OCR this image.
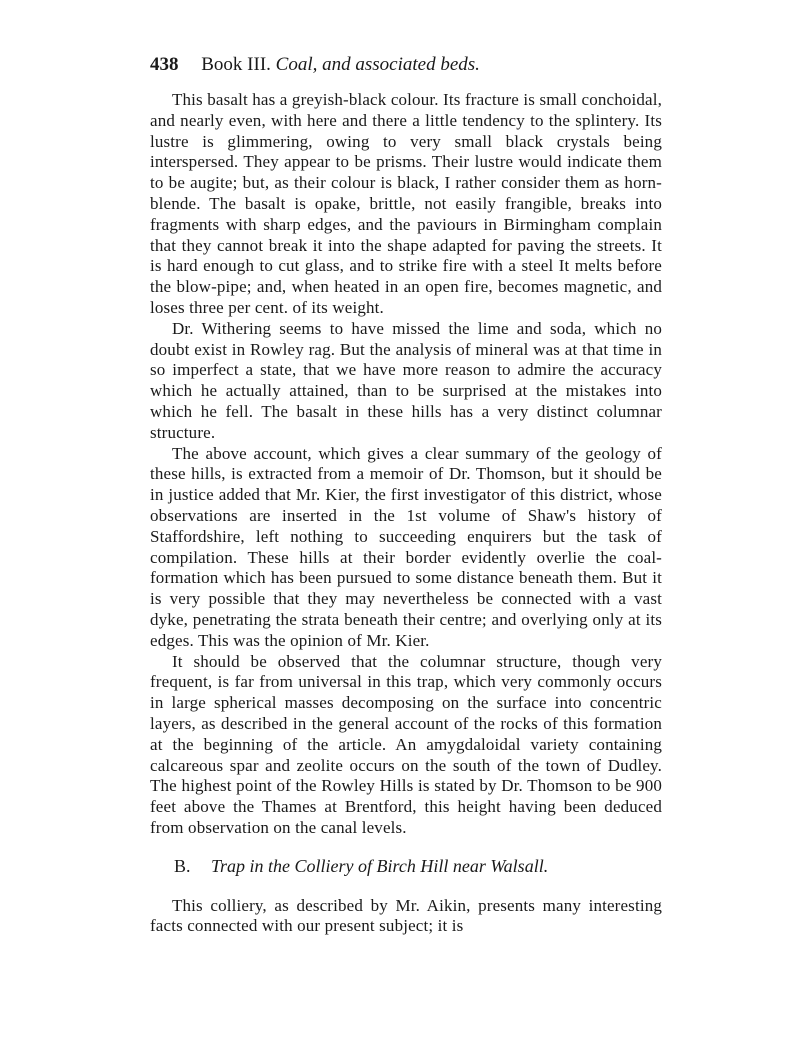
438 Book III. Coal, and associated beds.

This basalt has a greyish-black colour. Its fracture is small conchoidal, and nearly even, with here and there a little tendency to the splintery. Its lustre is glimmering, owing to very small black crystals being interspersed. They appear to be prisms. Their lustre would indicate them to be augite; but, as their colour is black, I rather consider them as horn-blende. The basalt is opake, brittle, not easily frangible, breaks into fragments with sharp edges, and the paviours in Birmingham complain that they cannot break it into the shape adapted for paving the streets. It is hard enough to cut glass, and to strike fire with a steel It melts before the blow-pipe; and, when heated in an open fire, becomes magnetic, and loses three per cent. of its weight.

Dr. Withering seems to have missed the lime and soda, which no doubt exist in Rowley rag. But the analysis of mineral was at that time in so imperfect a state, that we have more reason to admire the accuracy which he actually attained, than to be surprised at the mistakes into which he fell. The basalt in these hills has a very distinct columnar structure.

The above account, which gives a clear summary of the geology of these hills, is extracted from a memoir of Dr. Thomson, but it should be in justice added that Mr. Kier, the first investigator of this district, whose observations are inserted in the 1st volume of Shaw's history of Staffordshire, left nothing to succeeding enquirers but the task of compilation. These hills at their border evidently overlie the coal-formation which has been pursued to some distance beneath them. But it is very possible that they may nevertheless be connected with a vast dyke, penetrating the strata beneath their centre; and overlying only at its edges. This was the opinion of Mr. Kier.

It should be observed that the columnar structure, though very frequent, is far from universal in this trap, which very commonly occurs in large spherical masses decomposing on the surface into concentric layers, as described in the general account of the rocks of this formation at the beginning of the article. An amygdaloidal variety containing calcareous spar and zeolite occurs on the south of the town of Dudley. The highest point of the Rowley Hills is stated by Dr. Thomson to be 900 feet above the Thames at Brentford, this height having been deduced from observation on the canal levels.

B. Trap in the Colliery of Birch Hill near Walsall.

This colliery, as described by Mr. Aikin, presents many interesting facts connected with our present subject; it is
